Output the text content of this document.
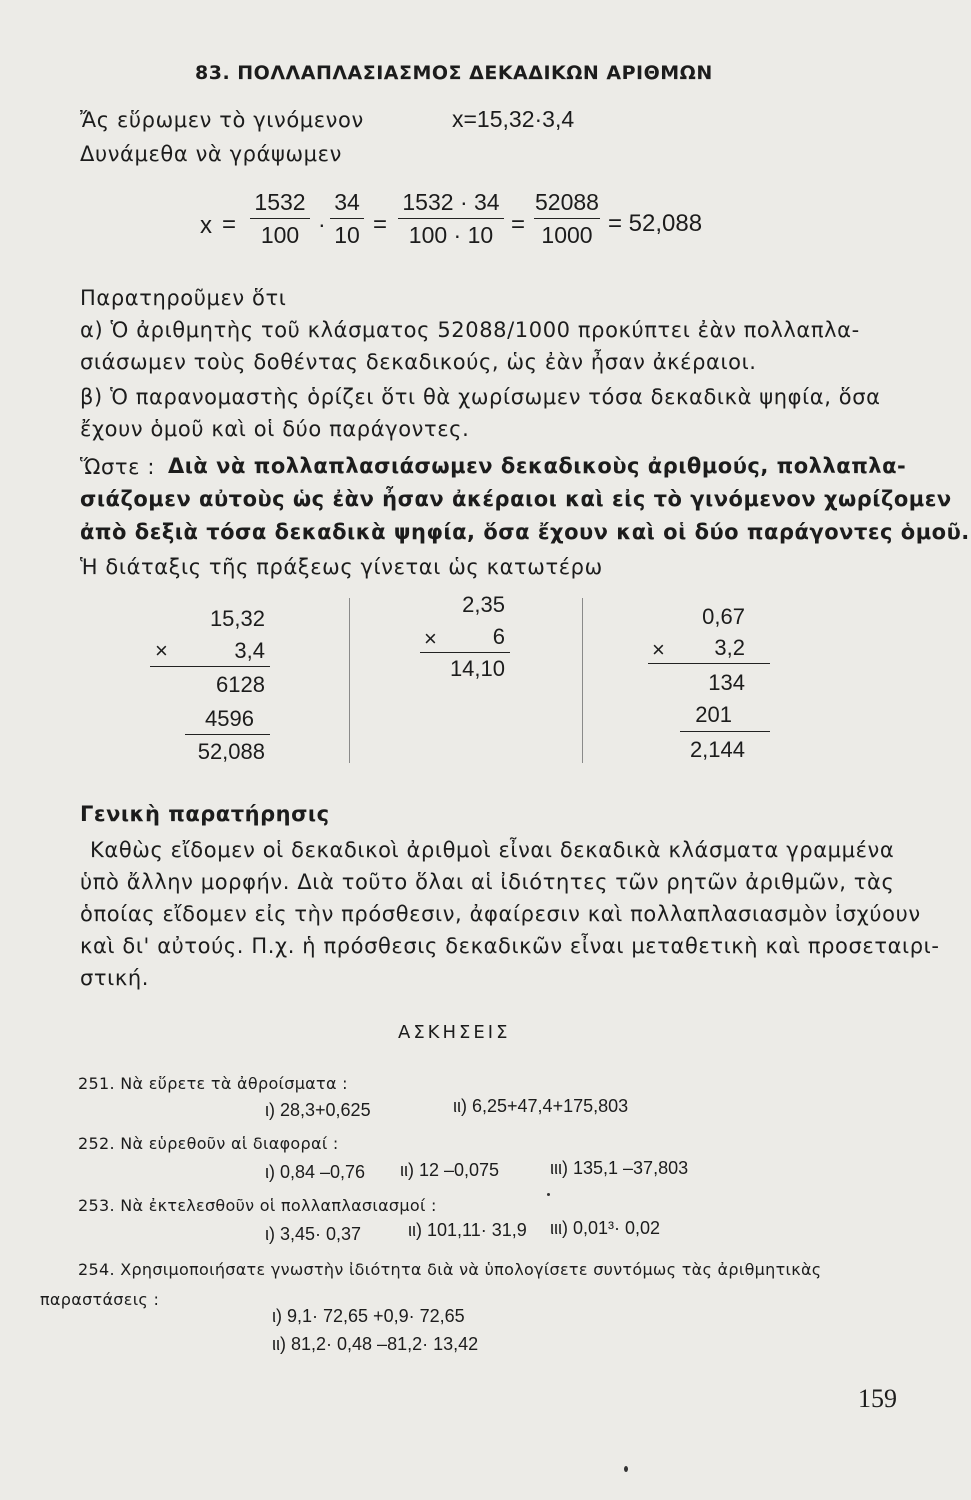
83. ΠΟΛΛΑΠΛΑΣΙΑΣΜΟΣ ΔΕΚΑΔΙΚΩΝ ΑΡΙΘΜΩΝ
Ἄς εὕρωμεν τὸ γινόμενον	x=15,32·3,4
Δυνάμεθα νὰ γράψωμεν
x =
1532
100 ·
34
10 =
1532 · 34
100 · 10 =
52088
1000 = 52,088
Παρατηροῦμεν ὅτι
α) Ὁ ἀριθμητὴς τοῦ κλάσματος 52088/1000 προκύπτει ἐὰν πολλαπλα-
σιάσωμεν τοὺς δοθέντας δεκαδικούς, ὡς ἐὰν ἦσαν ἀκέραιοι.
β) Ὁ παρανομαστὴς ὁρίζει ὅτι θὰ χωρίσωμεν τόσα δεκαδικὰ ψηφία, ὅσα
ἔχουν ὁμοῦ καὶ οἱ δύο παράγοντες.
Ὥστε : Διὰ νὰ πολλαπλασιάσωμεν δεκαδικοὺς ἀριθμούς, πολλαπλα-
σιάζομεν αὐτοὺς ὡς ἐὰν ἦσαν ἀκέραιοι καὶ εἰς τὸ γινόμενον χωρίζομεν
ἀπὸ δεξιὰ τόσα δεκαδικὰ ψηφία, ὅσα ἔχουν καὶ οἱ δύο παράγοντες ὁμοῦ.
Ἡ διάταξις τῆς πράξεως γίνεται ὡς κατωτέρω
15,32
×	3,4
6128
4596
52,088
2,35
×	6
14,10
0,67
×	3,2
134
201
2,144
Γενικὴ παρατήρησις
Καθὼς εἴδομεν οἱ δεκαδικοὶ ἀριθμοὶ εἶναι δεκαδικὰ κλάσματα γραμμένα
ὑπὸ ἄλλην μορφήν. Διὰ τοῦτο ὅλαι αἱ ἰδιότητες τῶν ρητῶν ἀριθμῶν, τὰς
ὁποίας εἴδομεν εἰς τὴν πρόσθεσιν, ἀφαίρεσιν καὶ πολλαπλασιασμὸν ἰσχύουν
καὶ δι' αὐτούς. Π.χ. ἡ πρόσθεσις δεκαδικῶν εἶναι μεταθετικὴ καὶ προσεταιρι-
στική.
ΑΣΚΗΣΕΙΣ
251. Νὰ εὕρετε τὰ ἀθροίσματα :
ι) 28,3+0,625	ιι) 6,25+47,4+175,803
252. Νὰ εὑρεθοῦν αἱ διαφοραί :
ι) 0,84 –0,76 ιι) 12 –0,075	ιιι) 135,1 –37,803
253. Νὰ ἐκτελεσθοῦν οἱ πολλαπλασιασμοί :
ι) 3,45· 0,37	ιι) 101,11· 31,9 ιιι) 0,01³· 0,02
254. Χρησιμοποιήσατε γνωστὴν ἰδιότητα διὰ νὰ ὑπολογίσετε συντόμως τὰς ἀριθμητικὰς
παραστάσεις :
ι) 9,1· 72,65 +0,9· 72,65
ιι) 81,2· 0,48 –81,2· 13,42
159
